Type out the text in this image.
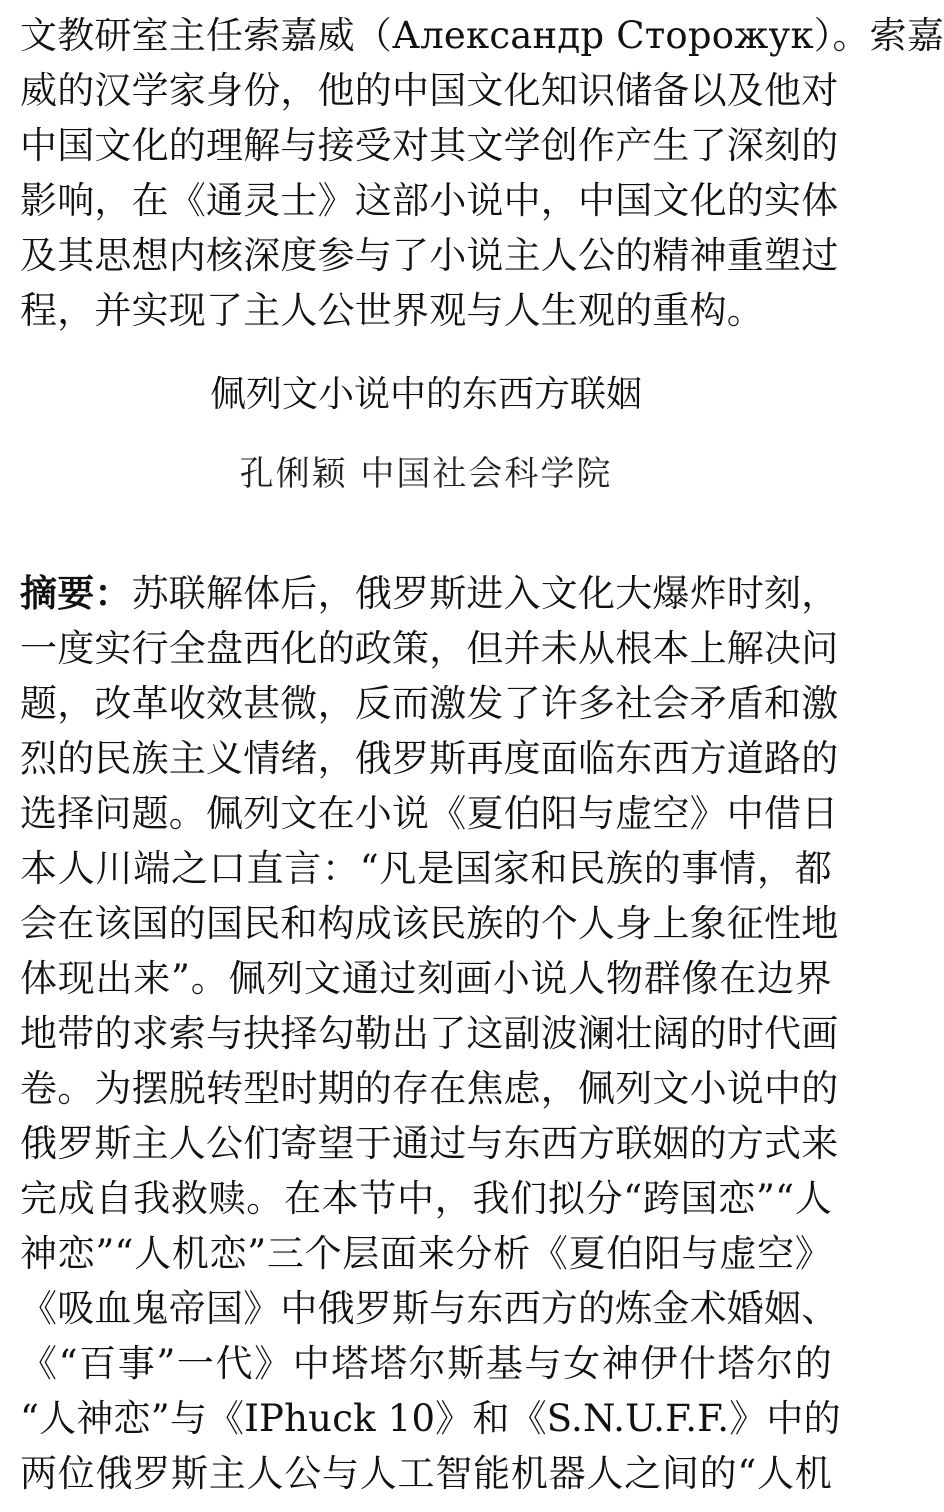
文教研室主任索嘉威（Александр Сторожук）。索嘉
威的汉学家身份，他的中国文化知识储备以及他对
中国文化的理解与接受对其文学创作产生了深刻的
影响，在《通灵士》这部小说中，中国文化的实体
及其思想内核深度参与了小说主人公的精神重塑过
程，并实现了主人公世界观与人生观的重构。
佩列文小说中的东西方联姻

孔俐颖 中国社会科学院

摘要：苏联解体后，俄罗斯进入文化大爆炸时刻，
一度实行全盘西化的政策，但并未从根本上解决问
题，改革收效甚微，反而激发了许多社会矛盾和激
烈的民族主义情绪，俄罗斯再度面临东西方道路的
选择问题。佩列文在小说《夏伯阳与虚空》中借日
本人川端之口直言：“凡是国家和民族的事情，都
会在该国的国民和构成该民族的个人身上象征性地
体现出来”。佩列文通过刻画小说人物群像在边界
地带的求索与抉择勾勒出了这副波澜壮阔的时代画
卷。为摆脱转型时期的存在焦虑，佩列文小说中的
俄罗斯主人公们寄望于通过与东西方联姻的方式来
完成自我救赎。在本节中，我们拟分“跨国恋”“人
神恋”“人机恋”三个层面来分析《夏伯阳与虚空》
《吸血鬼帝国》中俄罗斯与东西方的炼金术婚姻、
《“百事”一代》中塔塔尔斯基与女神伊什塔尔的
“人神恋”与《IPhuck 10》和《S.N.U.F.F.》中的
两位俄罗斯主人公与人工智能机器人之间的“人机
